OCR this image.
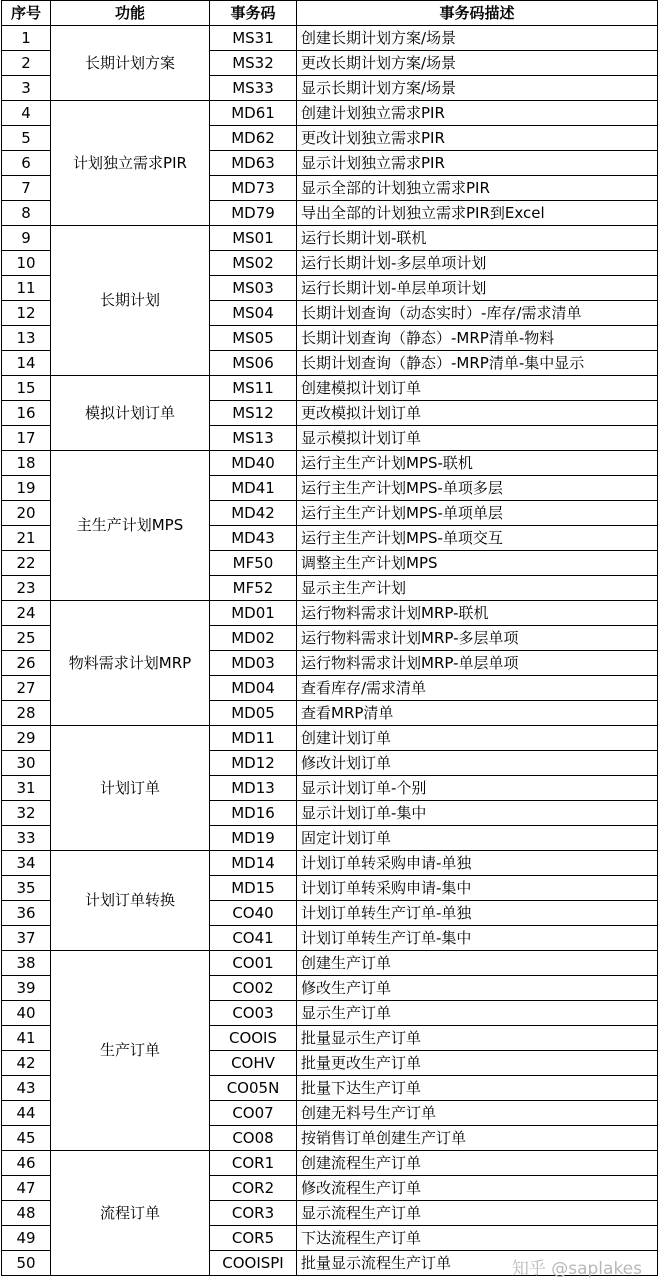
序号	功能	事务码	事务码描述
1	长期计划方案	MS31	创建长期计划方案/场景
2		MS32	更改长期计划方案/场景
3		MS33	显示长期计划方案/场景
4	计划独立需求PIR	MD61	创建计划独立需求PIR
5		MD62	更改计划独立需求PIR
6		MD63	显示计划独立需求PIR
7		MD73	显示全部的计划独立需求PIR
8		MD79	导出全部的计划独立需求PIR到Excel
9	长期计划	MS01	运行长期计划-联机
10		MS02	运行长期计划-多层单项计划
11		MS03	运行长期计划-单层单项计划
12		MS04	长期计划查询（动态实时）-库存/需求清单
13		MS05	长期计划查询（静态）-MRP清单-物料
14		MS06	长期计划查询（静态）-MRP清单-集中显示
15	模拟计划订单	MS11	创建模拟计划订单
16		MS12	更改模拟计划订单
17		MS13	显示模拟计划订单
18	主生产计划MPS	MD40	运行主生产计划MPS-联机
19		MD41	运行主生产计划MPS-单项多层
20		MD42	运行主生产计划MPS-单项单层
21		MD43	运行主生产计划MPS-单项交互
22		MF50	调整主生产计划MPS
23		MF52	显示主生产计划
24	物料需求计划MRP	MD01	运行物料需求计划MRP-联机
25		MD02	运行物料需求计划MRP-多层单项
26		MD03	运行物料需求计划MRP-单层单项
27		MD04	查看库存/需求清单
28		MD05	查看MRP清单
29	计划订单	MD11	创建计划订单
30		MD12	修改计划订单
31		MD13	显示计划订单-个别
32		MD16	显示计划订单-集中
33		MD19	固定计划订单
34	计划订单转换	MD14	计划订单转采购申请-单独
35		MD15	计划订单转采购申请-集中
36		CO40	计划订单转生产订单-单独
37		CO41	计划订单转生产订单-集中
38	生产订单	CO01	创建生产订单
39		CO02	修改生产订单
40		CO03	显示生产订单
41		COOIS	批量显示生产订单
42		COHV	批量更改生产订单
43		CO05N	批量下达生产订单
44		CO07	创建无料号生产订单
45		CO08	按销售订单创建生产订单
46	流程订单	COR1	创建流程生产订单
47		COR2	修改流程生产订单
48		COR3	显示流程生产订单
49		COR5	下达流程生产订单
50		COOISPI	批量显示流程生产订单	知乎 @saplakes
